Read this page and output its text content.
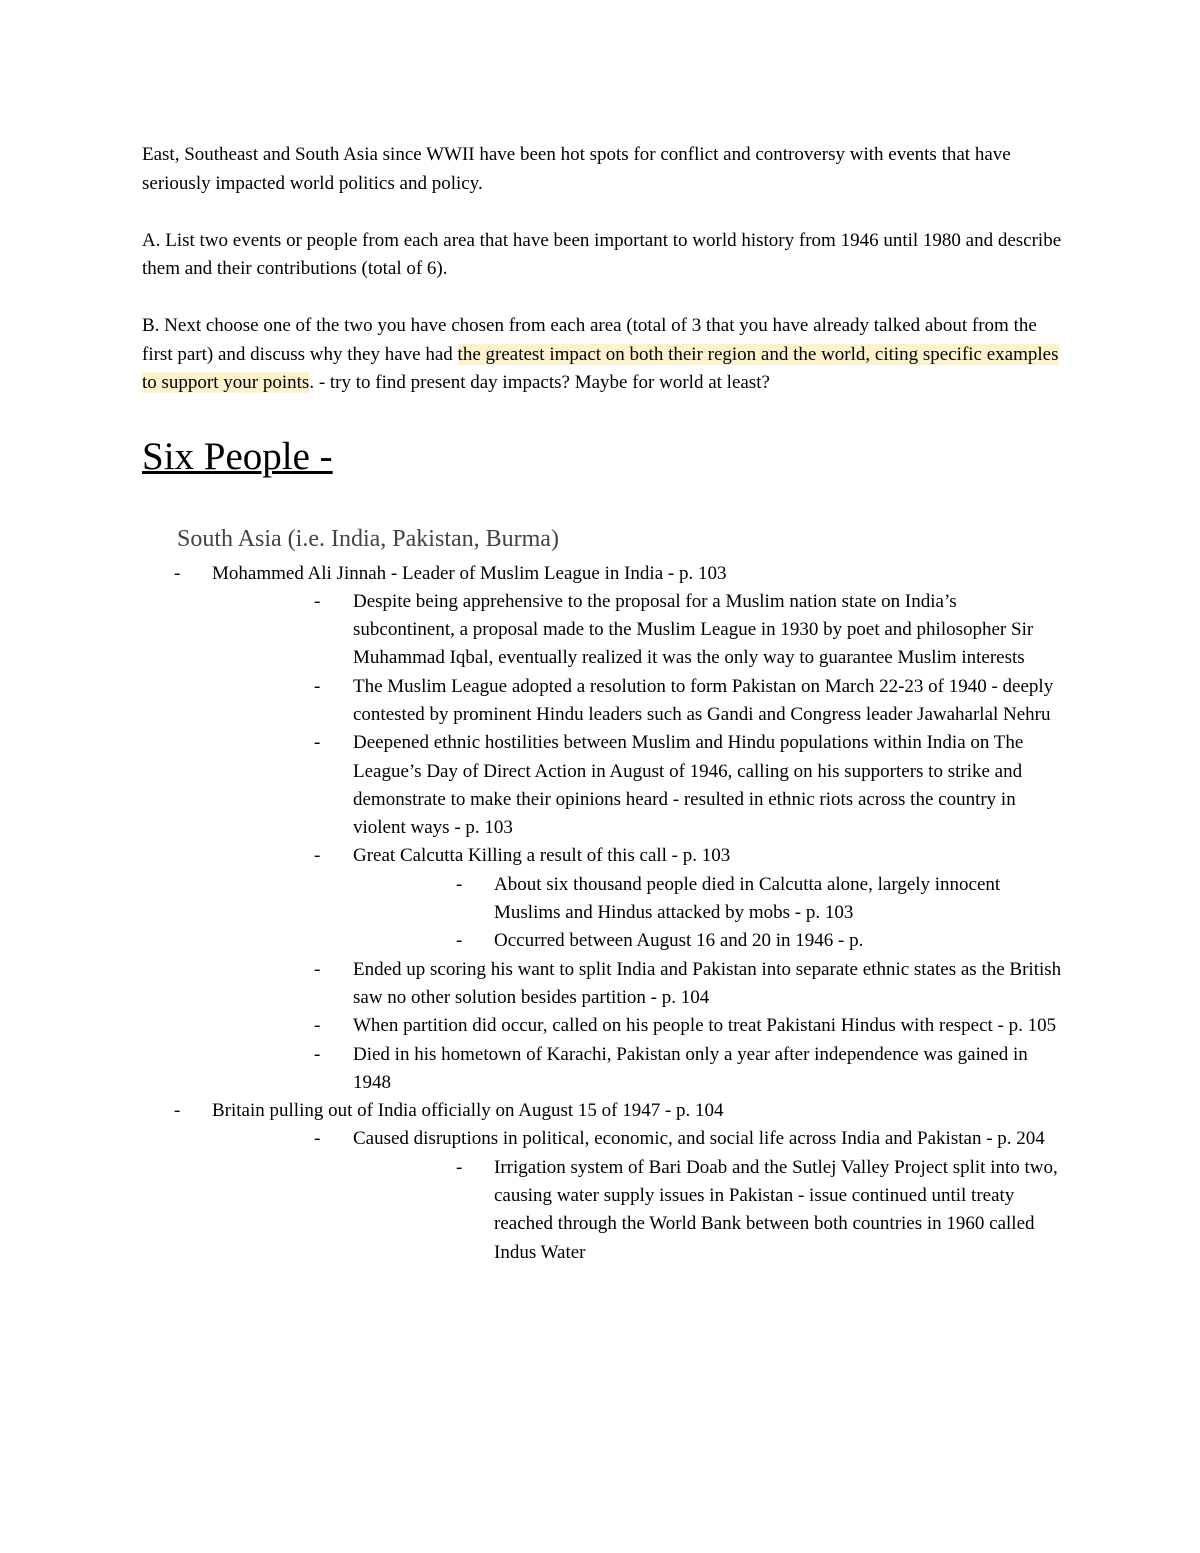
East, Southeast and South Asia since WWII have been hot spots for conflict and controversy with events that have seriously impacted world politics and policy.

A. List two events or people from each area that have been important to world history from 1946 until 1980 and describe them and their contributions (total of 6).

B. Next choose one of the two you have chosen from each area (total of 3 that you have already talked about from the first part) and discuss why they have had the greatest impact on both their region and the world, citing specific examples to support your points. - try to find present day impacts? Maybe for world at least?

Six People -
South Asia (i.e. India, Pakistan, Burma)
- Mohammed Ali Jinnah - Leader of Muslim League in India - p. 103
- Despite being apprehensive to the proposal for a Muslim nation state on India’s subcontinent, a proposal made to the Muslim League in 1930 by poet and philosopher Sir Muhammad Iqbal, eventually realized it was the only way to guarantee Muslim interests
- The Muslim League adopted a resolution to form Pakistan on March 22-23 of 1940 - deeply contested by prominent Hindu leaders such as Gandi and Congress leader Jawaharlal Nehru
- Deepened ethnic hostilities between Muslim and Hindu populations within India on The League’s Day of Direct Action in August of 1946, calling on his supporters to strike and demonstrate to make their opinions heard - resulted in ethnic riots across the country in violent ways - p. 103
- Great Calcutta Killing a result of this call - p. 103
- About six thousand people died in Calcutta alone, largely innocent Muslims and Hindus attacked by mobs - p. 103
- Occurred between August 16 and 20 in 1946 - p.
- Ended up scoring his want to split India and Pakistan into separate ethnic states as the British saw no other solution besides partition - p. 104
- When partition did occur, called on his people to treat Pakistani Hindus with respect - p. 105
- Died in his hometown of Karachi, Pakistan only a year after independence was gained in 1948
- Britain pulling out of India officially on August 15 of 1947 - p. 104
- Caused disruptions in political, economic, and social life across India and Pakistan - p. 204
- Irrigation system of Bari Doab and the Sutlej Valley Project split into two, causing water supply issues in Pakistan - issue continued until treaty reached through the World Bank between both countries in 1960 called Indus Water
